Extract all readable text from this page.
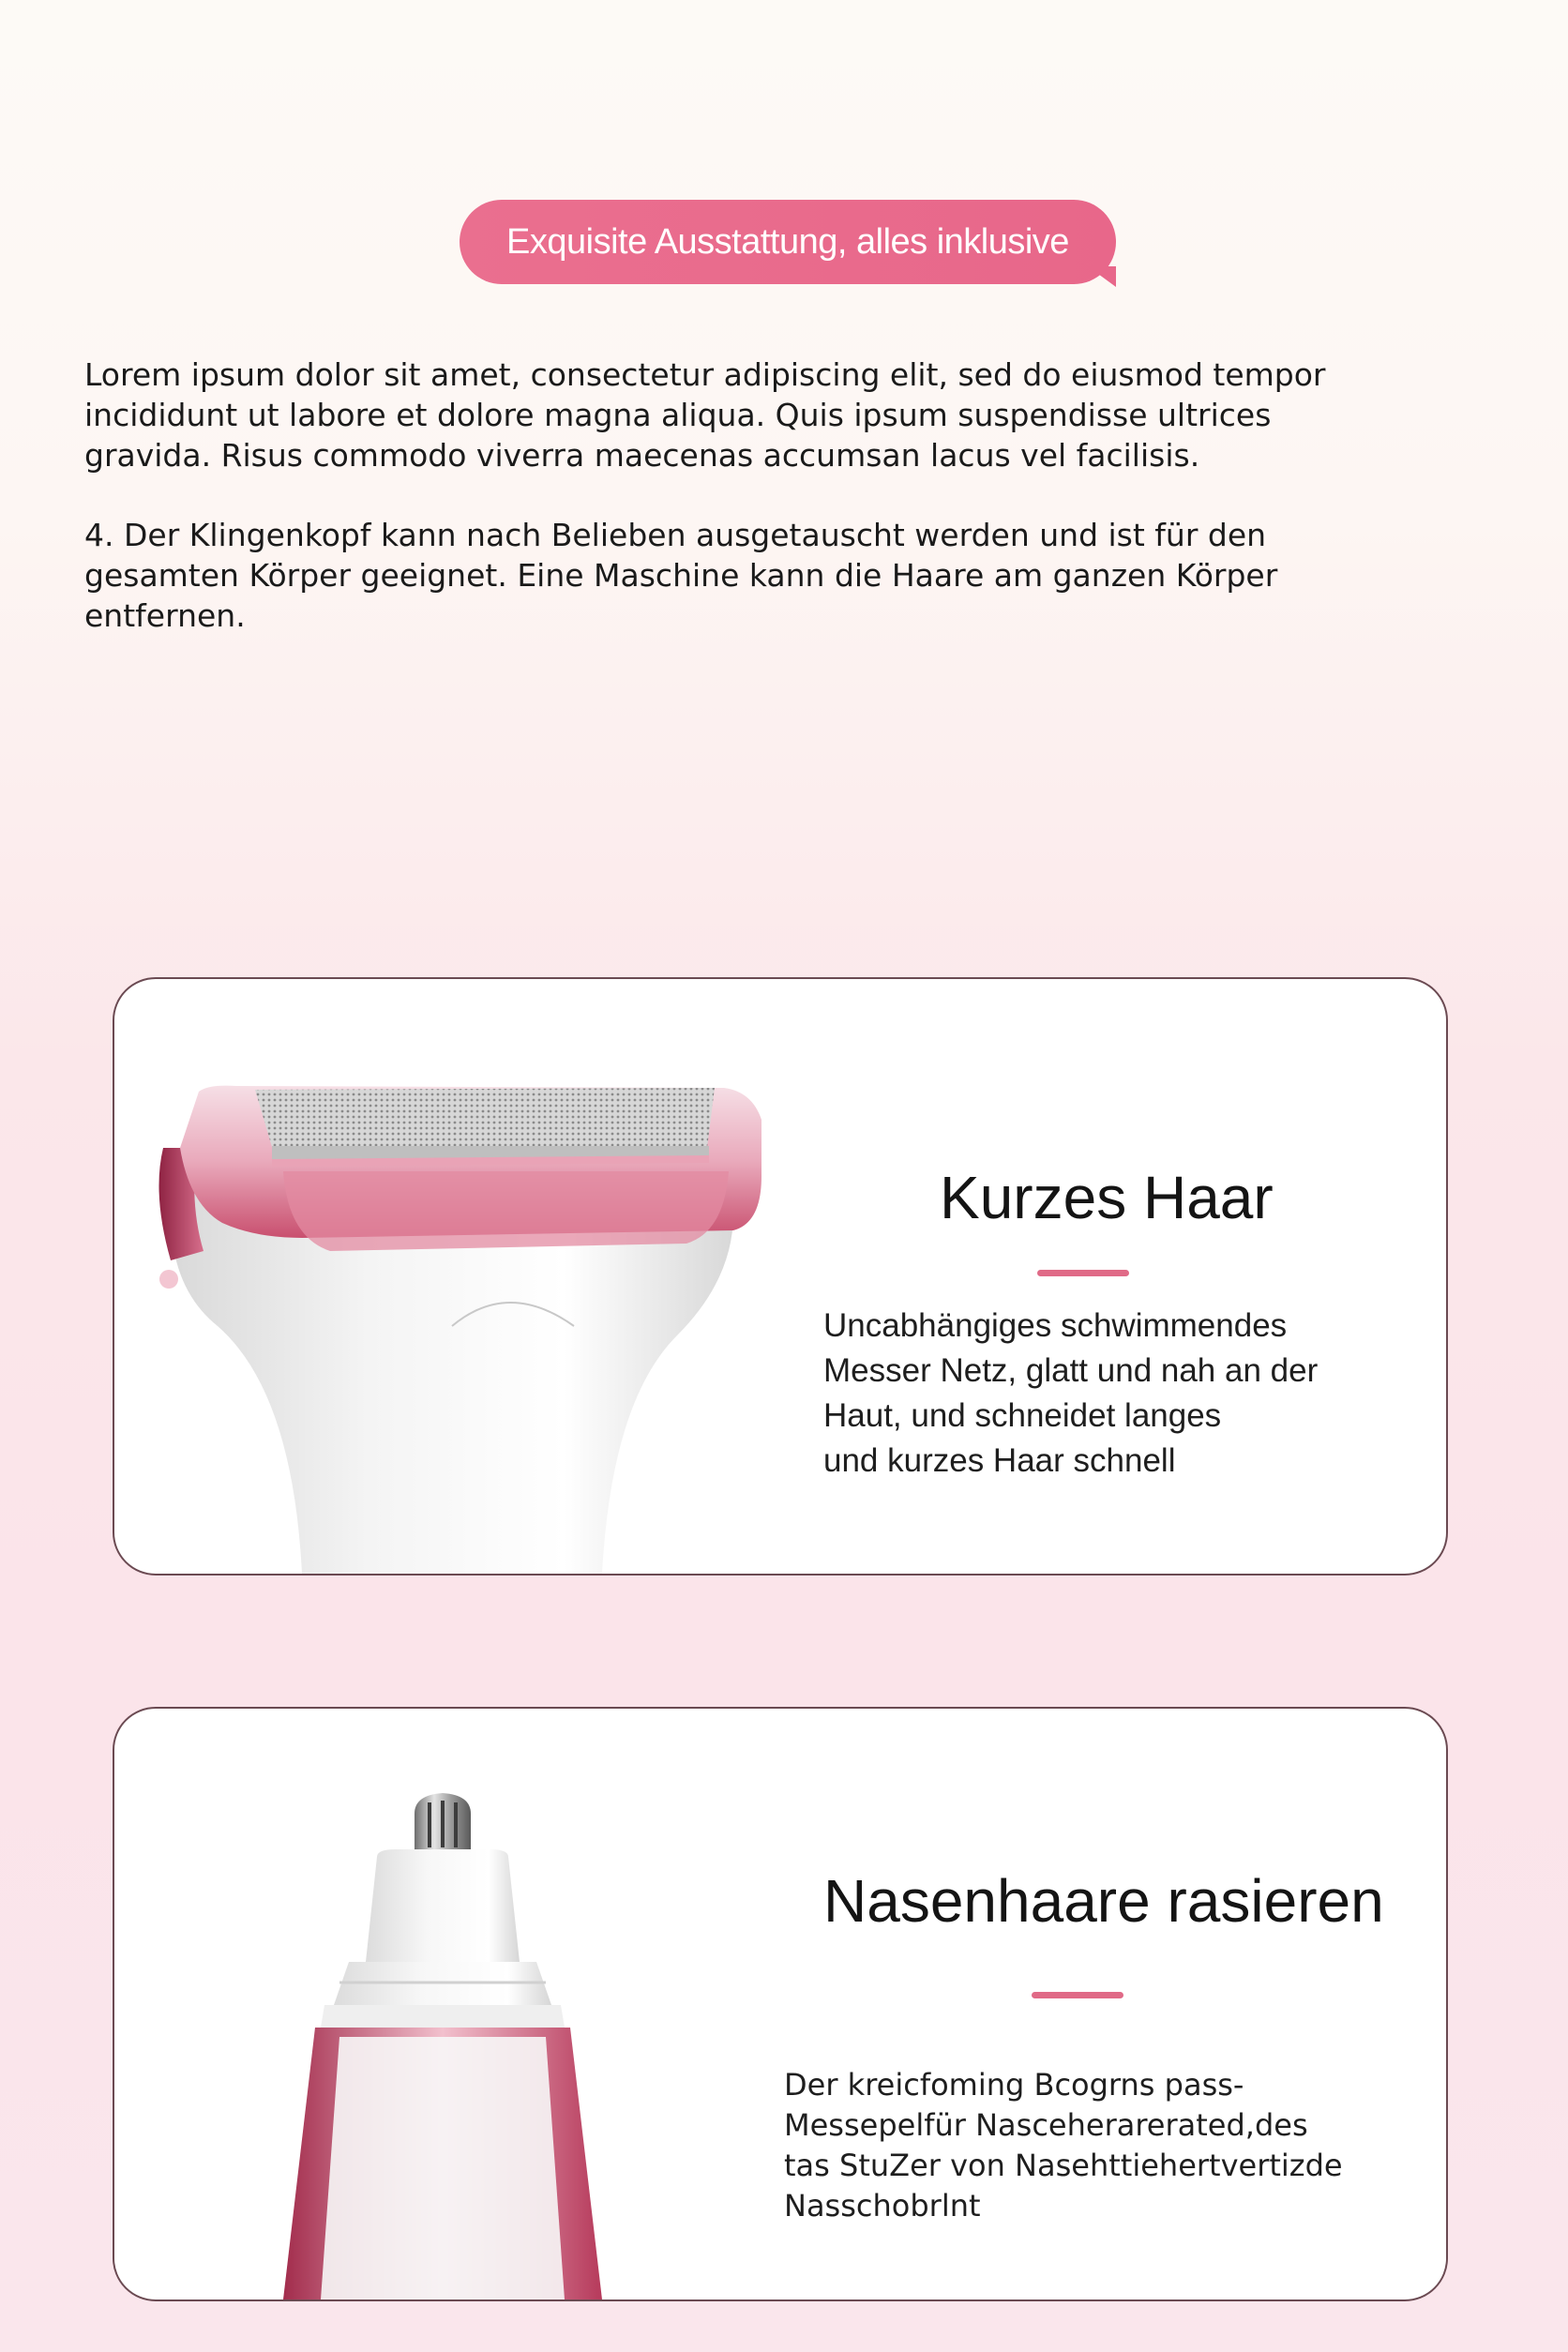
Exquisite Ausstattung, alles inklusive

Lorem ipsum dolor sit amet, consectetur adipiscing elit, sed do eiusmod tempor
incididunt ut labore et dolore magna aliqua. Quis ipsum suspendisse ultrices
gravida. Risus commodo viverra maecenas accumsan lacus vel facilisis.

4. Der Klingenkopf kann nach Belieben ausgetauscht werden und ist für den
gesamten Körper geeignet. Eine Maschine kann die Haare am ganzen Körper
entfernen.

Kurzes Haar
Uncabhängiges schwimmendes
Messer Netz, glatt und nah an der
Haut, und schneidet langes
und kurzes Haar schnell
Nasenhaare rasieren
Der kreicfoming Bcogrns pass-
Messepelfür Nasceherarerated,des
tas StuZer von Nasehttiehertvertizde
Nasschobrlnt
